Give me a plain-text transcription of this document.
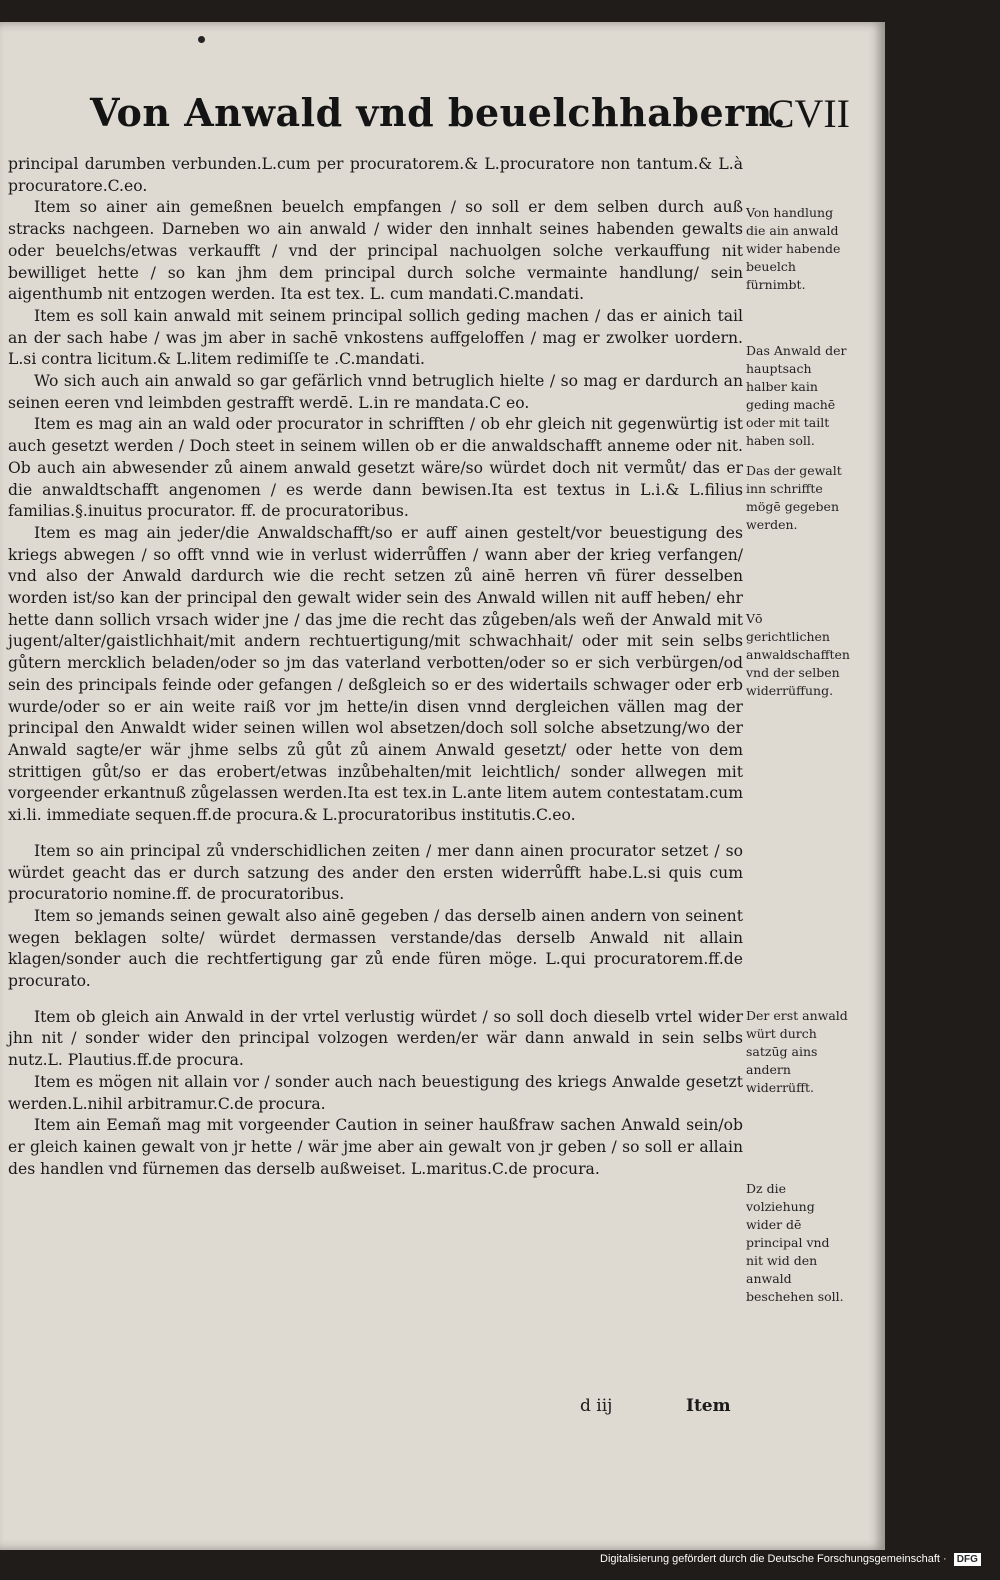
Von Anwald vnd beuelchhabern.
CVII

principal darumben verbunden.L.cum per procuratorem.& L.procuratore non tantum.& L.à procuratore.C.eo.

Item so ainer ain gemeßnen beuelch empfangen / so soll er dem selben durch auß stracks nachgeen. Darneben wo ain anwald / wider den innhalt seines habenden gewalts oder beuelchs/etwas verkaufft / vnd der principal nachuolgen solche verkauffung nit bewilliget hette / so kan jhm dem principal durch solche vermainte handlung/ sein aigenthumb nit entzogen werden. Ita est tex. L. cum mandati.C.mandati.

Item es soll kain anwald mit seinem principal sollich geding machen / das er ainich tail an der sach habe / was jm aber in sachē vnkostens auffgeloffen / mag er zwolker uordern. L.si contra licitum.& L.litem redimiſſe te .C.mandati.

Wo sich auch ain anwald so gar gefärlich vnnd betruglich hielte / so mag er dardurch an seinen eeren vnd leimbden gestrafft werdē. L.in re mandata.C eo.

Item es mag ain an wald oder procurator in schrifften / ob ehr gleich nit gegenwürtig ist auch gesetzt werden / Doch steet in seinem willen ob er die anwaldschafft anneme oder nit. Ob auch ain abwesender zů ainem anwald gesetzt wäre/so würdet doch nit vermůt/ das er die anwaldtschafft angenomen / es werde dann bewisen.Ita est textus in L.i.& L.filius familias.§.inuitus procurator. ff. de procuratoribus.

Item es mag ain jeder/die Anwaldschafft/so er auff ainen gestelt/vor beuestigung des kriegs abwegen / so offt vnnd wie in verlust widerrůffen / wann aber der krieg verfangen/ vnd also der Anwald dardurch wie die recht setzen zů ainē herren vn̄ fürer desselben worden ist/so kan der principal den gewalt wider sein des Anwald willen nit auff heben/ ehr hette dann sollich vrsach wider jne / das jme die recht das zůgeben/als weñ der Anwald mit jugent/alter/gaistlichhait/mit andern rechtuertigung/mit schwachhait/ oder mit sein selbs gůtern mercklich beladen/oder so jm das vaterland verbotten/oder so er sich verbürgen/od sein des principals feinde oder gefangen / deßgleich so er des widertails schwager oder erb wurde/oder so er ain weite raiß vor jm hette/in disen vnnd dergleichen vällen mag der principal den Anwaldt wider seinen willen wol absetzen/doch soll solche absetzung/wo der Anwald sagte/er wär jhme selbs zů gůt zů ainem Anwald gesetzt/ oder hette von dem strittigen gůt/so er das erobert/etwas inzůbehalten/mit leichtlich/ sonder allwegen mit vorgeender erkantnuß zůgelassen werden.Ita est tex.in L.ante litem autem contestatam.cum xi.li. immediate sequen.ff.de procura.& L.procuratoribus institutis.C.eo.

Item so ain principal zů vnderschidlichen zeiten / mer dann ainen procurator setzet / so würdet geacht das er durch satzung des ander den ersten widerrůfft habe.L.si quis cum procuratorio nomine.ff. de procuratoribus.

Item so jemands seinen gewalt also ainē gegeben / das derselb ainen andern von seinent wegen beklagen solte/ würdet dermassen verstande/das derselb Anwald nit allain klagen/sonder auch die rechtfertigung gar zů ende füren möge. L.qui procuratorem.ff.de procurato.

Item ob gleich ain Anwald in der vrtel verlustig würdet / so soll doch dieselb vrtel wider jhn nit / sonder wider den principal volzogen werden/er wär dann anwald in sein selbs nutz.L. Plautius.ff.de procura.

Item es mögen nit allain vor / sonder auch nach beuestigung des kriegs Anwalde gesetzt werden.L.nihil arbitramur.C.de procura.

Item ain Eemañ mag mit vorgeender Caution in seiner haußfraw sachen Anwald sein/ob er gleich kainen gewalt von jr hette / wär jme aber ain gewalt von jr geben / so soll er allain des handlen vnd fürnemen das derselb außweiset. L.maritus.C.de procura.

Von handlung die ain anwald wider habende beuelch fürnimbt.
Das Anwald der hauptsach halber kain geding machē oder mit tailt haben soll.
Das der gewalt inn schriffte mögē gegeben werden.
Vō gerichtlichen anwaldschafften vnd der selben widerrüffung.
Der erst anwald würt durch satzūg ains andern widerrüfft.
Dz die volziehung wider dē principal vnd nit wid den anwald beschehen soll.
d iij	Item
Digitalisierung gefördert durch die Deutsche Forschungsgemeinschaft · DFG
